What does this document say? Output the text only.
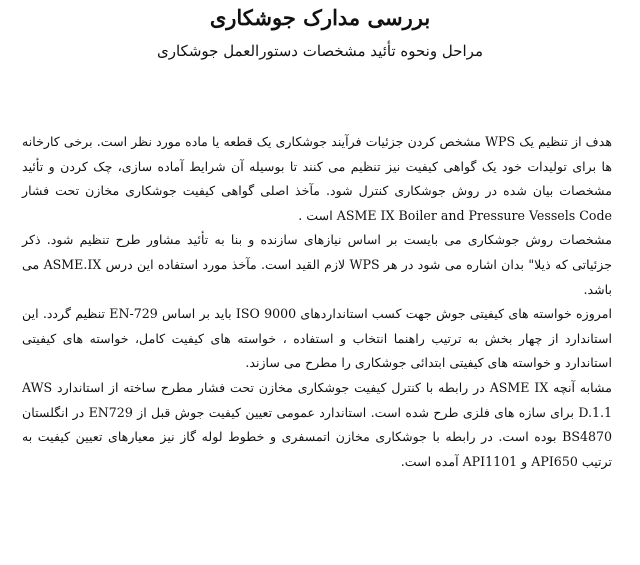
بررسی مدارک جوشکاری
مراحل ونحوه تأئید مشخصات دستورالعمل جوشکاری

هدف از تنظیم یک WPS مشخص کردن جزئیات فرآیند جوشکاری یک قطعه یا ماده مورد نظر است. برخی کارخانه ها برای تولیدات خود یک گواهی کیفیت نیز تنظیم می کنند تا بوسیله آن شرایط آماده سازی، چک کردن و تأئید مشخصات بیان شده در روش جوشکاری کنترل شود. مآخذ اصلی گواهی کیفیت جوشکاری مخازن تحت فشار ASME IX Boiler and Pressure Vessels Code است .

مشخصات روش جوشکاری می بایست بر اساس نیازهای سازنده و بنا به تأئید مشاور طرح تنظیم شود. ذکر جزئیاتی که ذیلا" بدان اشاره می شود در هر WPS لازم القید است. مآخذ مورد استفاده این درس ASME.IX می باشد.

امروزه خواسته های کیفیتی جوش جهت کسب استانداردهای ISO 9000 باید بر اساس EN-729 تنظیم گردد. این استاندارد از چهار بخش به ترتیب راهنما انتخاب و استفاده ، خواسته های کیفیت کامل، خواسته های کیفیتی استاندارد و خواسته های کیفیتی ابتدائی جوشکاری را مطرح می سازند.

مشابه آنچه ASME IX در رابطه با کنترل کیفیت جوشکاری مخازن تحت فشار مطرح ساخته از استاندارد AWS D.1.1 برای سازه های فلزی طرح شده است. استاندارد عمومی تعیین کیفیت جوش قبل از EN729 در انگلستان BS4870 بوده است. در رابطه با جوشکاری مخازن اتمسفری و خطوط لوله گاز نیز معیارهای تعیین کیفیت به ترتیب API650 و API1101 آمده است.
